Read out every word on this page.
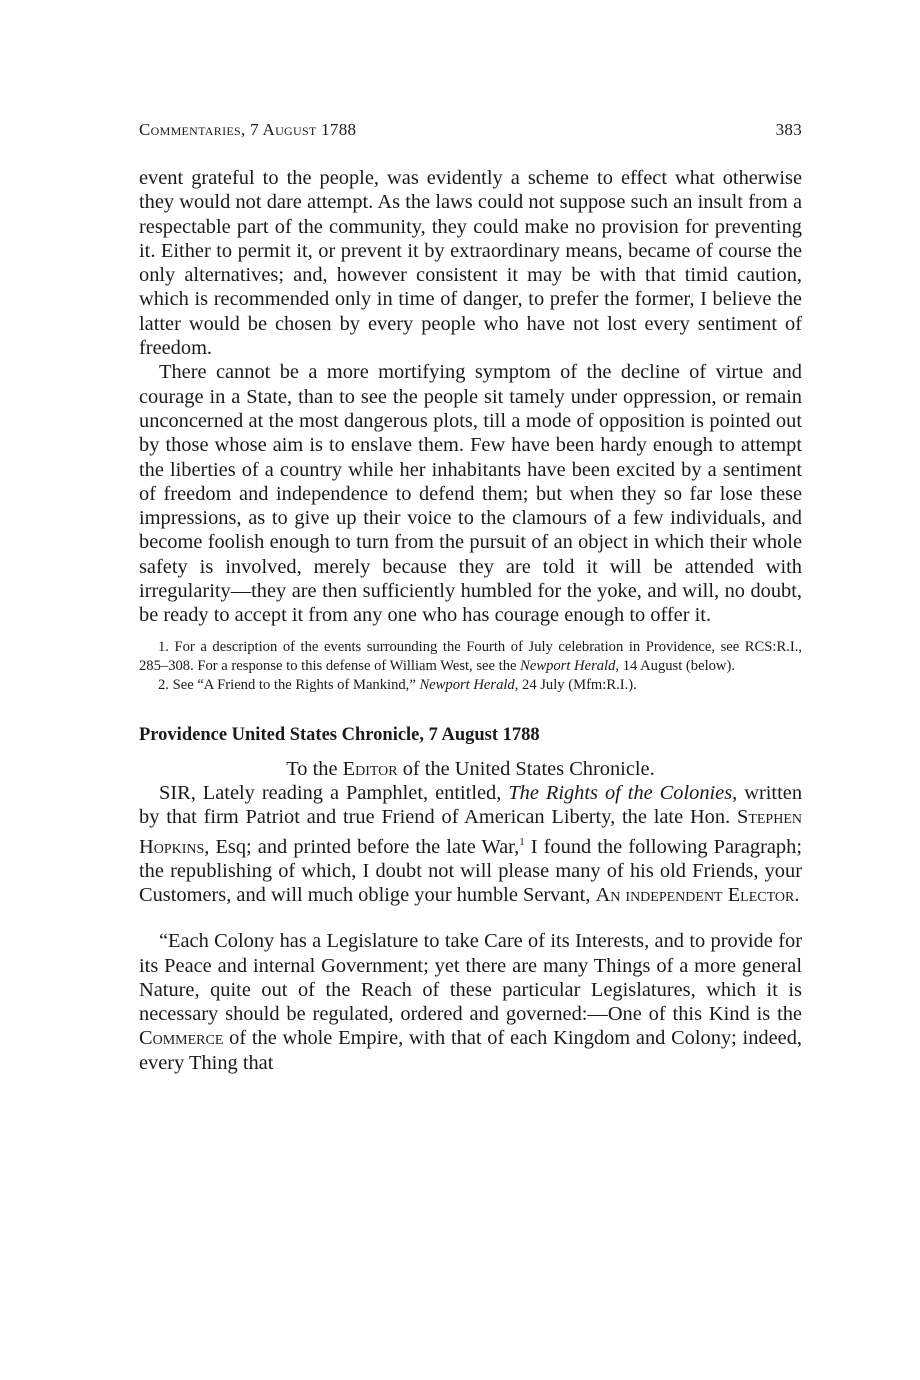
Commentaries, 7 August 1788	383

event grateful to the people, was evidently a scheme to effect what otherwise they would not dare attempt. As the laws could not suppose such an insult from a respectable part of the community, they could make no provision for preventing it. Either to permit it, or prevent it by extraordinary means, became of course the only alternatives; and, however consistent it may be with that timid caution, which is recommended only in time of danger, to prefer the former, I believe the latter would be chosen by every people who have not lost every sentiment of freedom.

There cannot be a more mortifying symptom of the decline of virtue and courage in a State, than to see the people sit tamely under oppression, or remain unconcerned at the most dangerous plots, till a mode of opposition is pointed out by those whose aim is to enslave them. Few have been hardy enough to attempt the liberties of a country while her inhabitants have been excited by a sentiment of freedom and independence to defend them; but when they so far lose these impressions, as to give up their voice to the clamours of a few individuals, and become foolish enough to turn from the pursuit of an object in which their whole safety is involved, merely because they are told it will be attended with irregularity—they are then sufficiently humbled for the yoke, and will, no doubt, be ready to accept it from any one who has courage enough to offer it.

1. For a description of the events surrounding the Fourth of July celebration in Providence, see RCS:R.I., 285–308. For a response to this defense of William West, see the Newport Herald, 14 August (below).

2. See “A Friend to the Rights of Mankind,” Newport Herald, 24 July (Mfm:R.I.).

Providence United States Chronicle, 7 August 1788
To the Editor of the United States Chronicle.

SIR, Lately reading a Pamphlet, entitled, The Rights of the Colonies, written by that firm Patriot and true Friend of American Liberty, the late Hon. Stephen Hopkins, Esq; and printed before the late War,$^1$ I found the following Paragraph; the republishing of which, I doubt not will please many of his old Friends, your Customers, and will much oblige your humble Servant, An independent Elector.

“Each Colony has a Legislature to take Care of its Interests, and to provide for its Peace and internal Government; yet there are many Things of a more general Nature, quite out of the Reach of these particular Legislatures, which it is necessary should be regulated, ordered and governed:—One of this Kind is the Commerce of the whole Empire, with that of each Kingdom and Colony; indeed, every Thing that
